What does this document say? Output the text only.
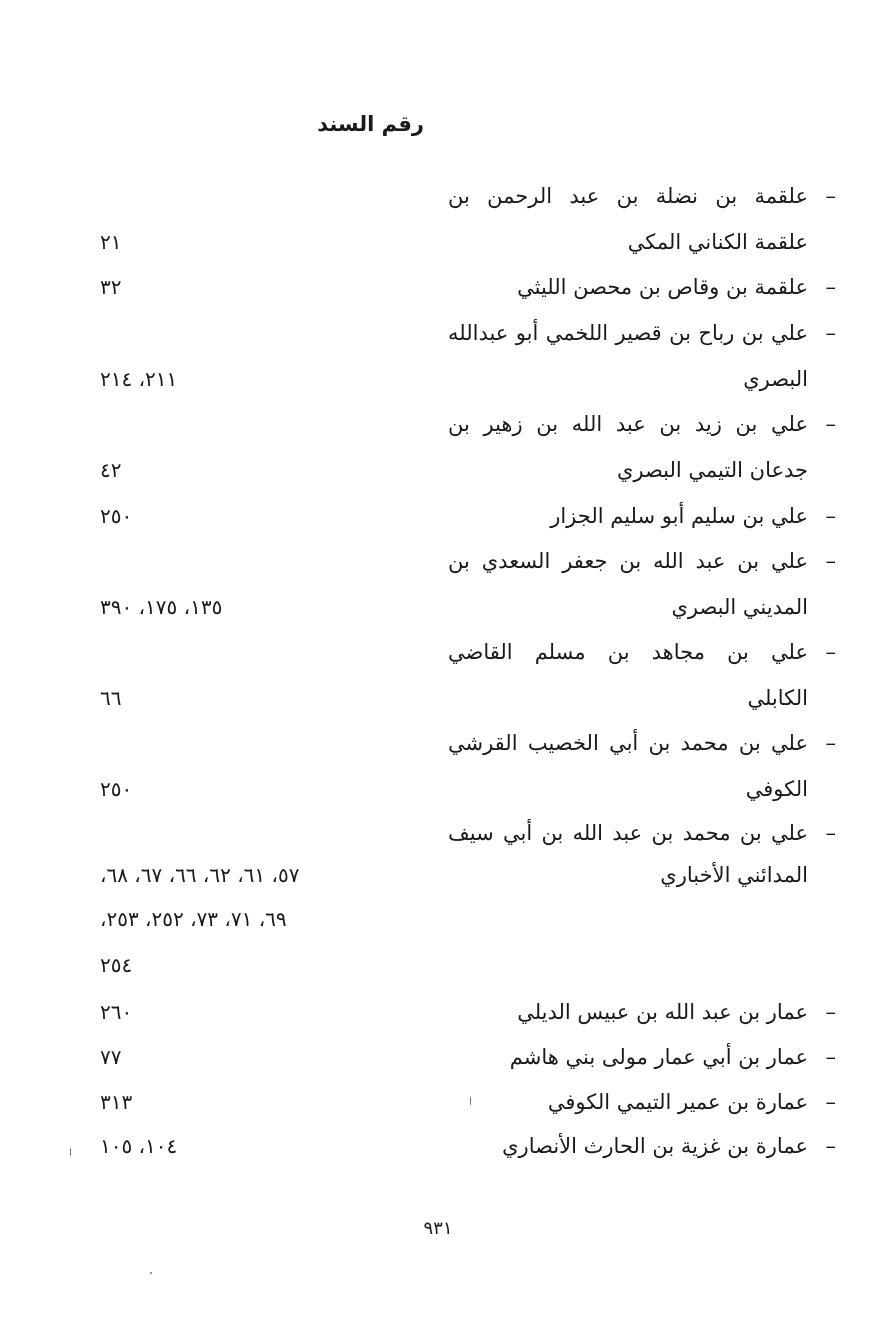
رقم السند
–
علقمة بن نضلة بن عبد الرحمن بن
علقمة الكناني المكي
٢١
–
علقمة بن وقاص بن محصن الليثي
٣٢
–
علي بن رباح بن قصير اللخمي أبو عبدالله
البصري
٢١١، ٢١٤
–
علي بن زيد بن عبد الله بن زهير بن
جدعان التيمي البصري
٤٢
–
علي بن سليم أبو سليم الجزار
٢٥٠
–
علي بن عبد الله بن جعفر السعدي بن
المديني البصري
١٣٥، ١٧٥، ٣٩٠
–
علي بن مجاهد بن مسلم القاضي
الكابلي
٦٦
–
علي بن محمد بن أبي الخصيب القرشي
الكوفي
٢٥٠
–
علي بن محمد بن عبد الله بن أبي سيف
المدائني الأخباري
٥٧، ٦١، ٦٢، ٦٦، ٦٧، ٦٨،
٦٩، ٧١، ٧٣، ٢٥٢، ٢٥٣،
٢٥٤
–
عمار بن عبد الله بن عبيس الديلي
٢٦٠
–
عمار بن أبي عمار مولى بني هاشم
٧٧
–
عمارة بن عمير التيمي الكوفي
٣١٣
–
عمارة بن غزية بن الحارث الأنصاري
١٠٤، ١٠٥
٩٣١
